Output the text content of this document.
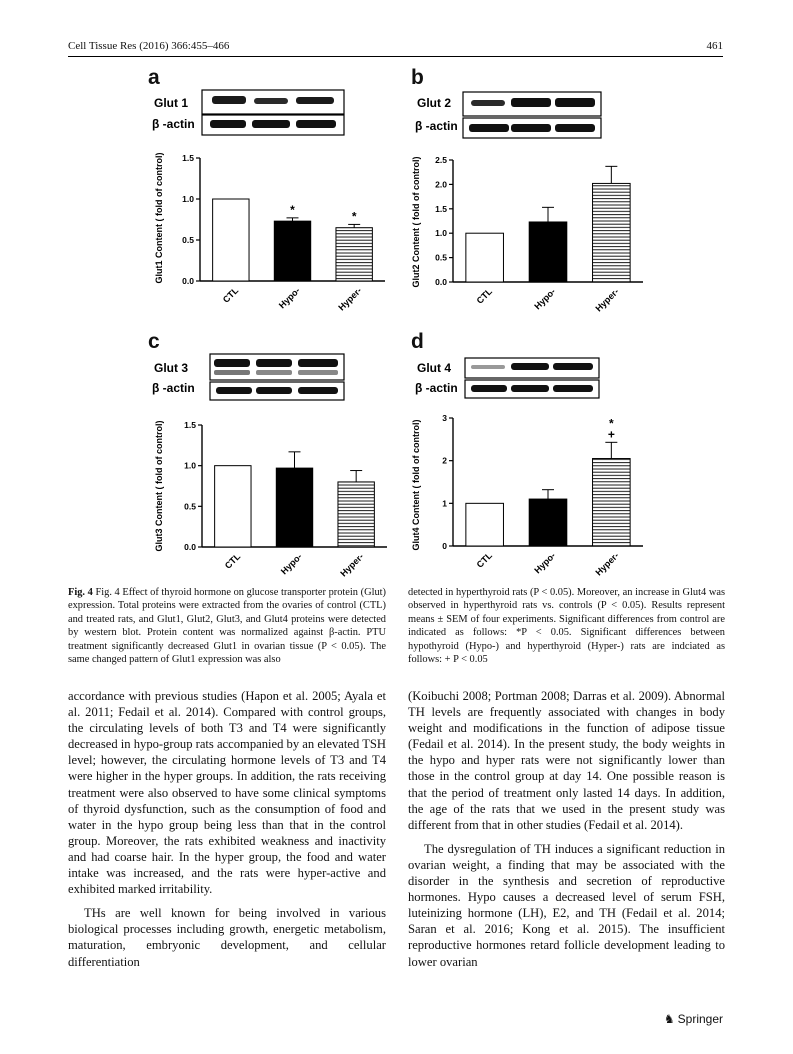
Cell Tissue Res (2016) 366:455–466	461
a	b
c	d
Glut 1
β -actin
Glut1 Content ( fold of control) 0.0
0.5
1.0
1.5
CTL
*
Hypo-
*
Hyper-
Glut 2
β -actin
Glut2 Content ( fold of control) 0.0
0.5
1.0
1.5
2.0
2.5
CTL	Hypo-	Hyper-
Glut 3
β -actin
Glut3 Content ( fold of control) 0.0
0.5
1.0
1.5
CTL	Hypo-	Hyper-
Glut 4
β -actin
Glut4 Content ( fold of control)	0
1
2
3
CTL	Hypo-
*
+
Hyper-
Fig. 4 Fig. 4 Effect of thyroid hormone on glucose transporter protein (Glut) expression. Total proteins were extracted from the ovaries of control (CTL) and treated rats, and Glut1, Glut2, Glut3, and Glut4 proteins were detected by western blot. Protein content was normalized against β-actin. PTU treatment significantly decreased Glut1 in ovarian tissue (P < 0.05). The same changed pattern of Glut1 expression was also
detected in hyperthyroid rats (P < 0.05). Moreover, an increase in Glut4 was observed in hyperthyroid rats vs. controls (P < 0.05). Results represent means ± SEM of four experiments. Significant differences from control are indicated as follows: *P < 0.05. Significant differences between hypothyroid (Hypo-) and hyperthyroid (Hyper-) rats are indciated as follows: + P < 0.05

accordance with previous studies (Hapon et al. 2005; Ayala et al. 2011; Fedail et al. 2014). Compared with control groups, the circulating levels of both T3 and T4 were significantly decreased in hypo-group rats accompanied by an elevated TSH level; however, the circulating hormone levels of T3 and T4 were higher in the hyper groups. In addition, the rats receiving treatment were also observed to have some clinical symptoms of thyroid dysfunction, such as the consumption of food and water in the hypo group being less than that in the control group. Moreover, the rats exhibited weakness and inactivity and had coarse hair. In the hyper group, the food and water intake was increased, and the rats were hyper-active and exhibited marked irritability.

THs are well known for being involved in various biological processes including growth, energetic metabolism, maturation, embryonic development, and cellular differentiation

(Koibuchi 2008; Portman 2008; Darras et al. 2009). Abnormal TH levels are frequently associated with changes in body weight and modifications in the function of adipose tissue (Fedail et al. 2014). In the present study, the body weights in the hypo and hyper rats were not significantly lower than those in the control group at day 14. One possible reason is that the period of treatment only lasted 14 days. In addition, the age of the rats that we used in the present study was different from that in other studies (Fedail et al. 2014).

The dysregulation of TH induces a significant reduction in ovarian weight, a finding that may be associated with the disorder in the synthesis and secretion of reproductive hormones. Hypo causes a decreased level of serum FSH, luteinizing hormone (LH), E2, and TH (Fedail et al. 2014; Saran et al. 2016; Kong et al. 2015). The insufficient reproductive hormones retard follicle development leading to lower ovarian

♞ Springer
